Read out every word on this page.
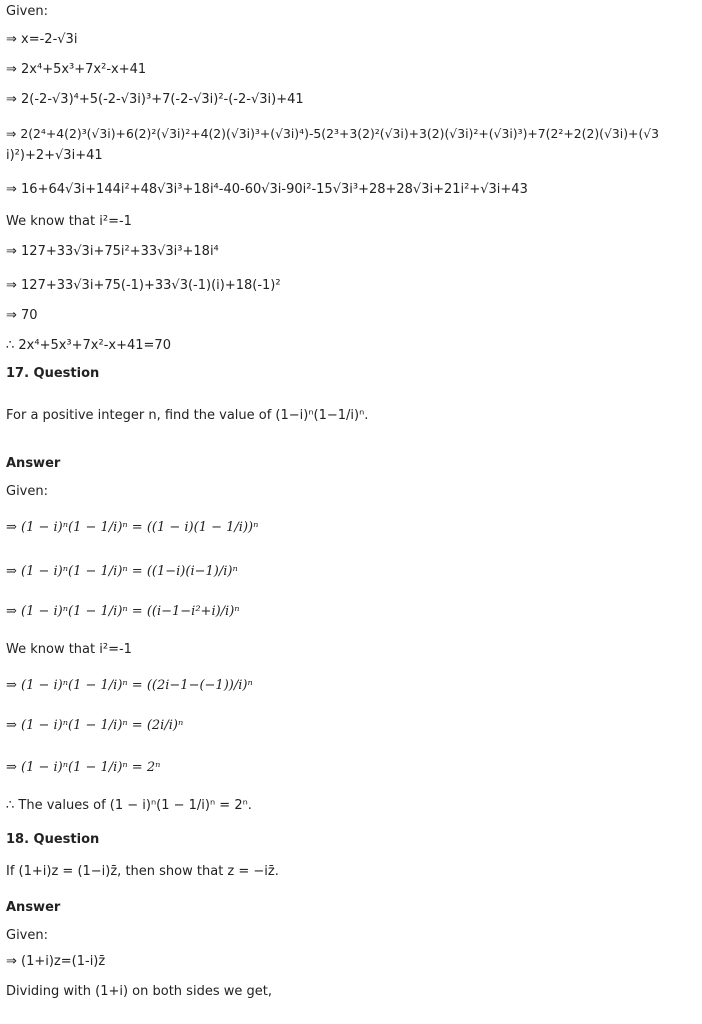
Given:
⇒ x=-2-√3i
⇒ 2x⁴+5x³+7x²-x+41
⇒ 2(-2-√3)⁴+5(-2-√3i)³+7(-2-√3i)²-(-2-√3i)+41
⇒ 2(2⁴+4(2)³(√3i)+6(2)²(√3i)²+4(2)(√3i)³+(√3i)⁴)-5(2³+3(2)²(√3i)+3(2)(√3i)²+(√3i)³)+7(2²+2(2)(√3i)+(√3
i)²)+2+√3i+41
⇒ 16+64√3i+144i²+48√3i³+18i⁴-40-60√3i-90i²-15√3i³+28+28√3i+21i²+√3i+43
We know that i²=-1
⇒ 127+33√3i+75i²+33√3i³+18i⁴
⇒ 127+33√3i+75(-1)+33√3(-1)(i)+18(-1)²
⇒ 70
∴ 2x⁴+5x³+7x²-x+41=70
17. Question
For a positive integer n, find the value of (1−i)ⁿ(1−1/i)ⁿ.
Answer
Given:
⇒ (1 − i)ⁿ(1 − 1/i)ⁿ = ((1 − i)(1 − 1/i))ⁿ
⇒ (1 − i)ⁿ(1 − 1/i)ⁿ = ((1−i)(i−1)/i)ⁿ
⇒ (1 − i)ⁿ(1 − 1/i)ⁿ = ((i−1−i²+i)/i)ⁿ
We know that i²=-1
⇒ (1 − i)ⁿ(1 − 1/i)ⁿ = ((2i−1−(−1))/i)ⁿ
⇒ (1 − i)ⁿ(1 − 1/i)ⁿ = (2i/i)ⁿ
⇒ (1 − i)ⁿ(1 − 1/i)ⁿ = 2ⁿ
∴ The values of (1 − i)ⁿ(1 − 1/i)ⁿ = 2ⁿ.
18. Question
If (1+i)z = (1−i)z̄, then show that z = −iz̄.
Answer
Given:
⇒ (1+i)z=(1-i)z̄
Dividing with (1+i) on both sides we get,
